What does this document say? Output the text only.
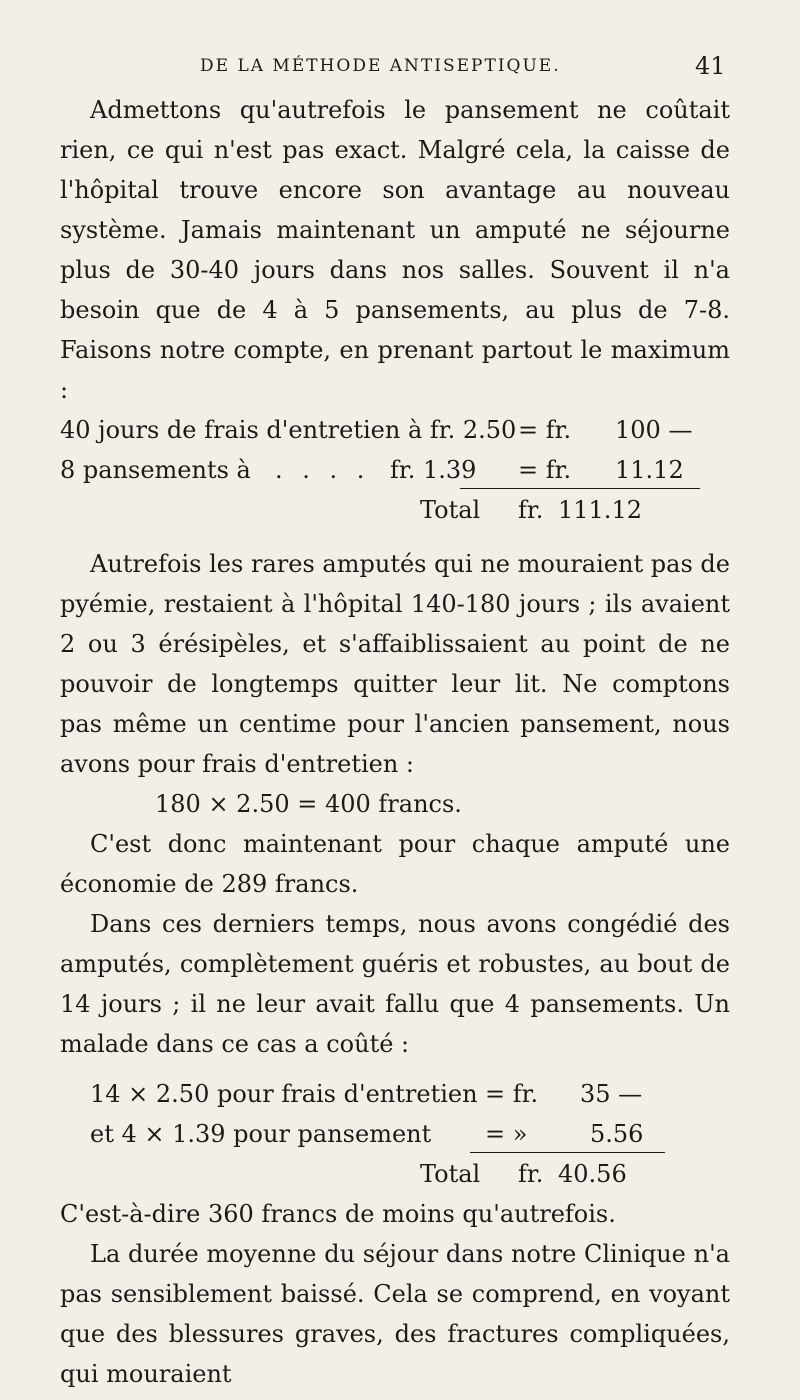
DE LA MÉTHODE ANTISEPTIQUE.	41

Admettons qu'autrefois le pansement ne coûtait rien, ce qui n'est pas exact. Malgré cela, la caisse de l'hôpital trouve encore son avantage au nouveau système. Jamais maintenant un amputé ne séjourne plus de 30-40 jours dans nos salles. Souvent il n'a besoin que de 4 à 5 pansements, au plus de 7-8. Faisons notre compte, en prenant partout le maximum :

40 jours de frais d'entretien à fr. 2.50 = fr. 100 —
8 pansements à . . . . fr. 1.39 = fr. 11.12
Total fr. 111.12

Autrefois les rares amputés qui ne mouraient pas de pyémie, restaient à l'hôpital 140-180 jours ; ils avaient 2 ou 3 érésipèles, et s'affaiblissaient au point de ne pouvoir de longtemps quitter leur lit. Ne comptons pas même un centime pour l'ancien pansement, nous avons pour frais d'entretien :

180 × 2.50 = 400 francs.

C'est donc maintenant pour chaque amputé une économie de 289 francs.

Dans ces derniers temps, nous avons congédié des amputés, complètement guéris et robustes, au bout de 14 jours ; il ne leur avait fallu que 4 pansements. Un malade dans ce cas a coûté :

14 × 2.50 pour frais d'entretien = fr. 35 —
et 4 × 1.39 pour pansement = »	5.56
Total fr. 40.56

C'est-à-dire 360 francs de moins qu'autrefois.

La durée moyenne du séjour dans notre Clinique n'a pas sensiblement baissé. Cela se comprend, en voyant que des blessures graves, des fractures compliquées, qui mouraient
